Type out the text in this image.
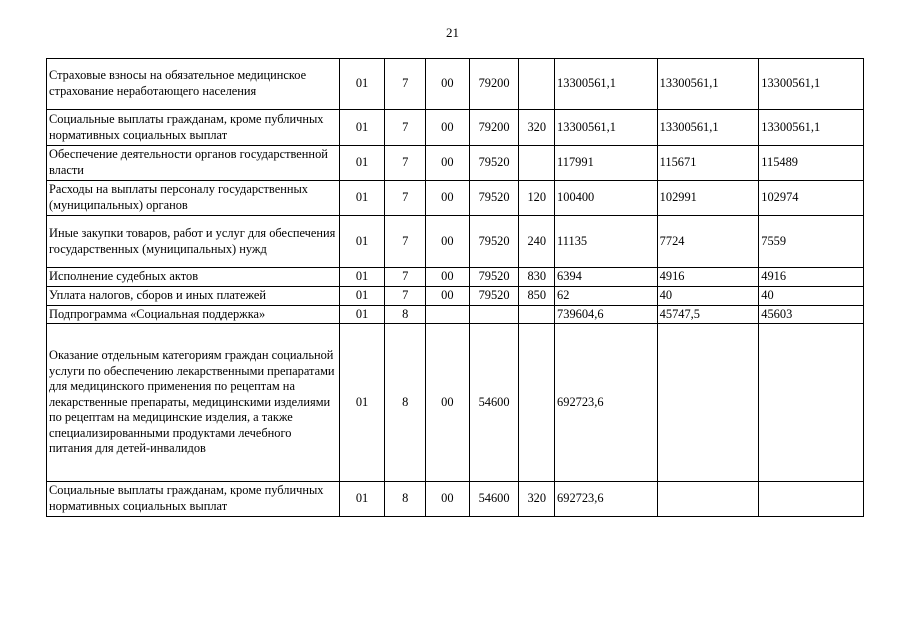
21
Страховые взносы на обязательное медицинское страхование неработающего населения	01	7	00	79200		13300561,1	13300561,1	13300561,1
Социальные выплаты гражданам, кроме публичных нормативных социальных выплат	01	7	00	79200	320	13300561,1	13300561,1	13300561,1
Обеспечение деятельности органов государственной власти	01	7	00	79520		117991	115671	115489
Расходы на выплаты персоналу государственных (муниципальных) органов	01	7	00	79520	120	100400	102991	102974
Иные закупки товаров, работ и услуг для обеспечения государственных (муниципальных) нужд	01	7	00	79520	240	11135	7724	7559
Исполнение судебных актов	01	7	00	79520	830	6394	4916	4916
Уплата налогов, сборов и иных платежей	01	7	00	79520	850	62	40	40
Подпрограмма «Социальная поддержка»	01	8				739604,6	45747,5	45603
Оказание отдельным категориям граждан социальной услуги по обеспечению лекарственными препаратами для медицинского применения по рецептам на лекарственные препараты, медицинскими изделиями по рецептам на медицинские изделия, а также специализированными продуктами лечебного питания для детей-инвалидов	01	8	00	54600		692723,6		
Социальные выплаты гражданам, кроме публичных нормативных социальных выплат	01	8	00	54600	320	692723,6		
